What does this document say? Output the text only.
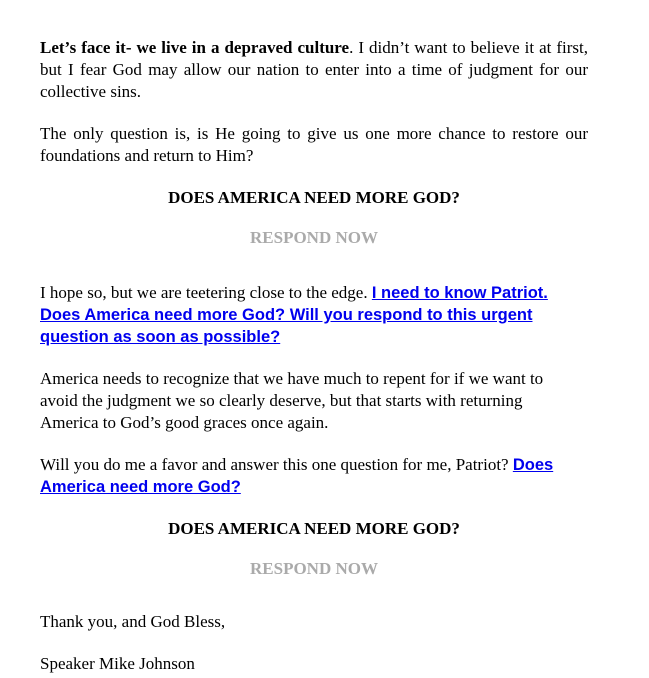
Let’s face it- we live in a depraved culture. I didn’t want to believe it at first, but I fear God may allow our nation to enter into a time of judgment for our collective sins.

The only question is, is He going to give us one more chance to restore our foundations and return to Him?

DOES AMERICA NEED MORE GOD?

RESPOND NOW

I hope so, but we are teetering close to the edge. I need to know Patriot. Does America need more God? Will you respond to this urgent question as soon as possible?

America needs to recognize that we have much to repent for if we want to avoid the judgment we so clearly deserve, but that starts with returning America to God’s good graces once again.

Will you do me a favor and answer this one question for me, Patriot? Does America need more God?

DOES AMERICA NEED MORE GOD?

RESPOND NOW

Thank you, and God Bless,

Speaker Mike Johnson
